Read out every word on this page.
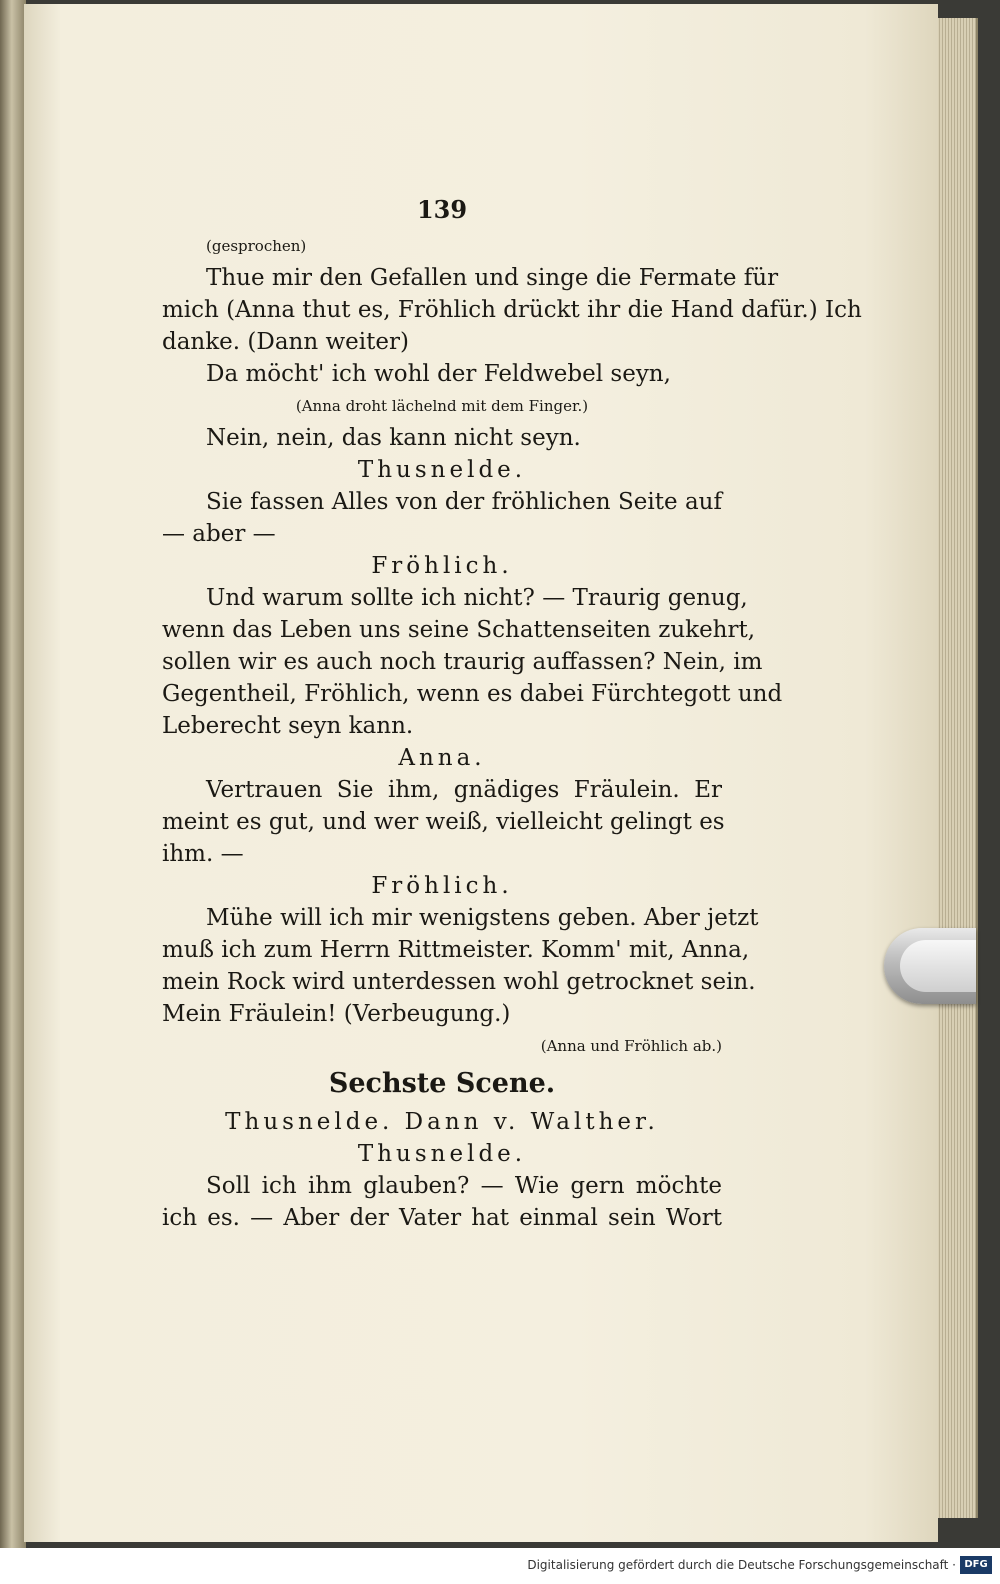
139
(gesprochen)
Thue mir den Gefallen und singe die Fermate für
mich (Anna thut es, Fröhlich drückt ihr die Hand dafür.) Ich
danke. (Dann weiter)
Da möcht' ich wohl der Feldwebel seyn,
(Anna droht lächelnd mit dem Finger.)
Nein, nein, das kann nicht seyn.
Thusnelde.
Sie fassen Alles von der fröhlichen Seite auf
— aber —
Fröhlich.
Und warum sollte ich nicht? — Traurig genug,
wenn das Leben uns seine Schattenseiten zukehrt,
sollen wir es auch noch traurig auffassen? Nein, im
Gegentheil, Fröhlich, wenn es dabei Fürchtegott und
Leberecht seyn kann.
Anna.
Vertrauen Sie ihm, gnädiges Fräulein. Er
meint es gut, und wer weiß, vielleicht gelingt es
ihm. —
Fröhlich.
Mühe will ich mir wenigstens geben. Aber jetzt
muß ich zum Herrn Rittmeister. Komm' mit, Anna,
mein Rock wird unterdessen wohl getrocknet sein.
Mein Fräulein! (Verbeugung.)
(Anna und Fröhlich ab.)
Sechste Scene.
Thusnelde. Dann v. Walther.
Thusnelde.
Soll ich ihm glauben? — Wie gern möchte
ich es. — Aber der Vater hat einmal sein Wort
Digitalisierung gefördert durch die Deutsche Forschungsgemeinschaft · DFG
